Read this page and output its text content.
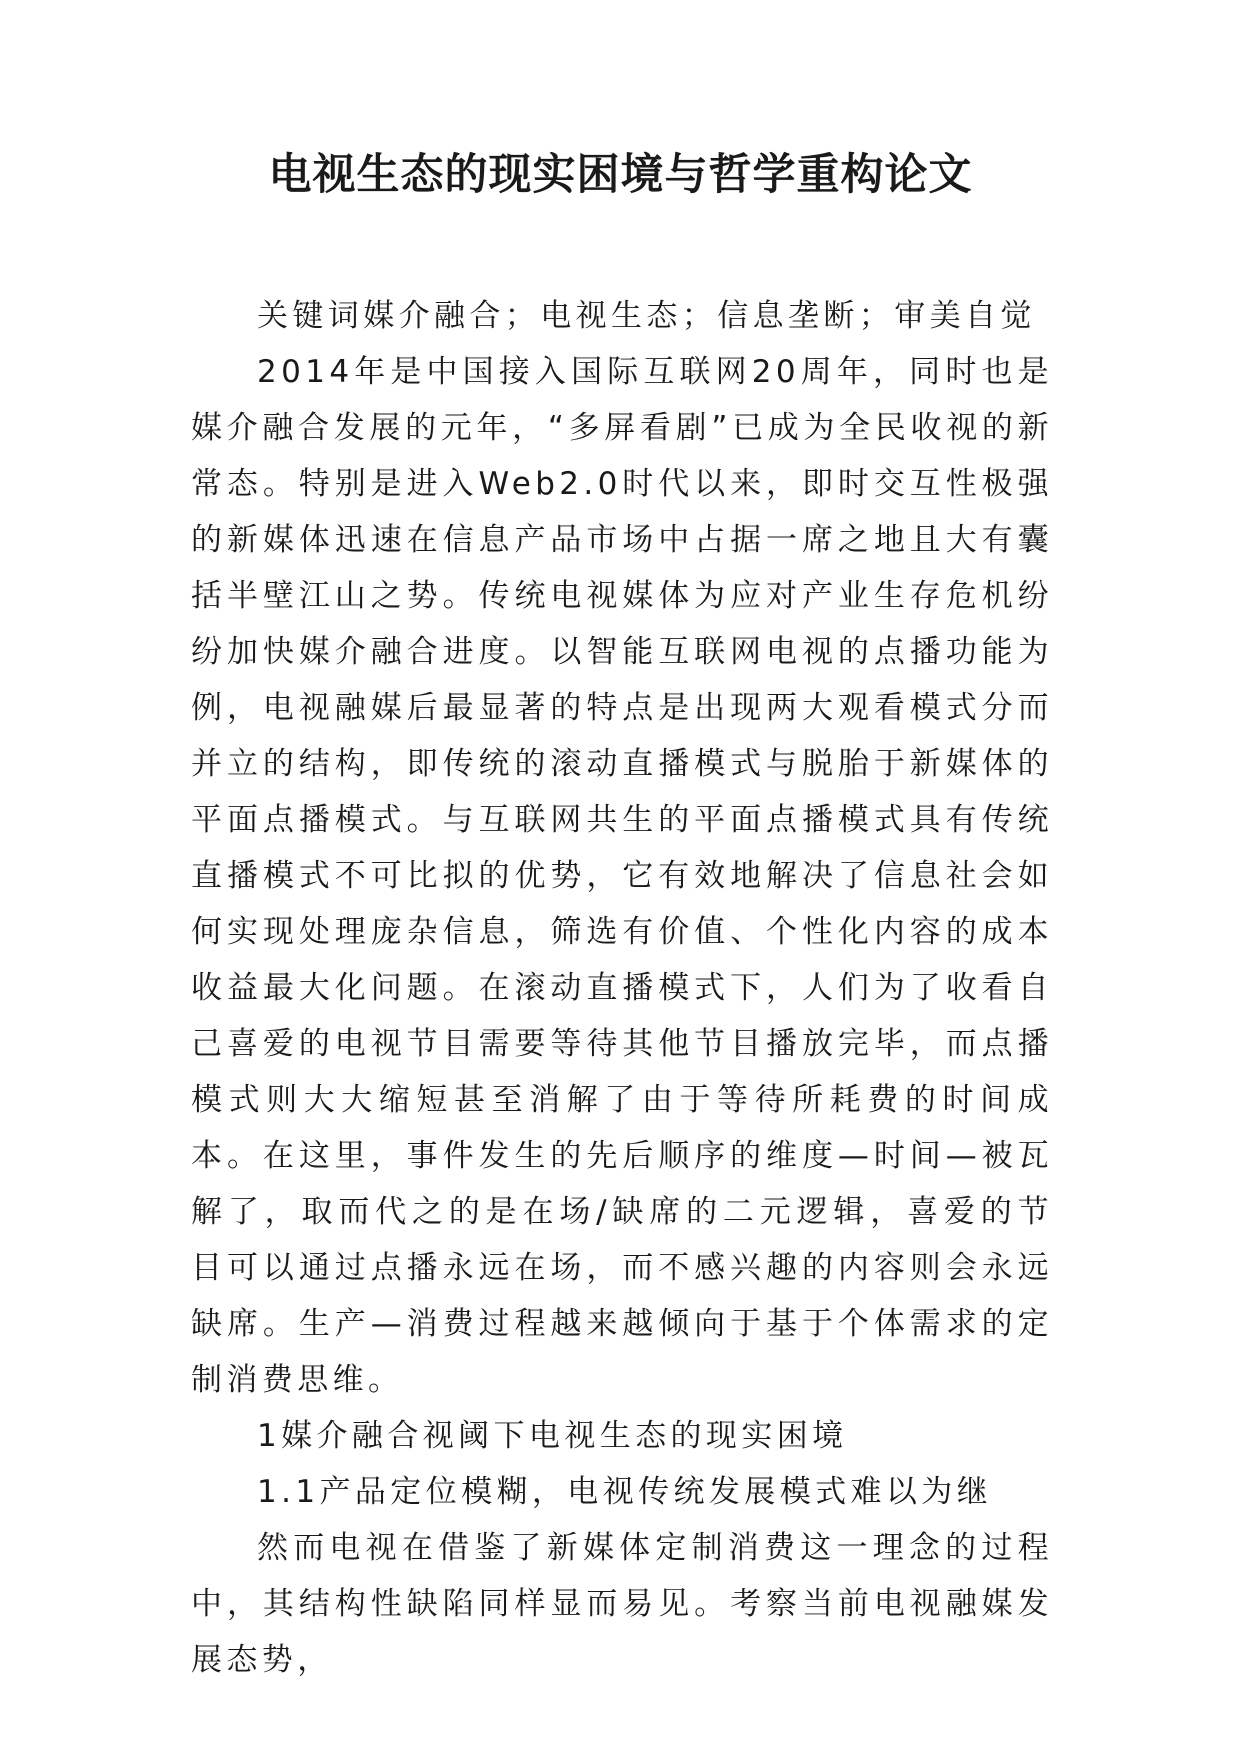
电视生态的现实困境与哲学重构论文

关键词媒介融合；电视生态；信息垄断；审美自觉

2014年是中国接入国际互联网20周年，同时也是媒介融合发展的元年，“多屏看剧”已成为全民收视的新常态。特别是进入Web2.0时代以来，即时交互性极强的新媒体迅速在信息产品市场中占据一席之地且大有囊括半壁江山之势。传统电视媒体为应对产业生存危机纷纷加快媒介融合进度。以智能互联网电视的点播功能为例，电视融媒后最显著的特点是出现两大观看模式分而并立的结构，即传统的滚动直播模式与脱胎于新媒体的平面点播模式。与互联网共生的平面点播模式具有传统直播模式不可比拟的优势，它有效地解决了信息社会如何实现处理庞杂信息，筛选有价值、个性化内容的成本收益最大化问题。在滚动直播模式下，人们为了收看自己喜爱的电视节目需要等待其他节目播放完毕，而点播模式则大大缩短甚至消解了由于等待所耗费的时间成本。在这里，事件发生的先后顺序的维度—时间—被瓦解了，取而代之的是在场/缺席的二元逻辑，喜爱的节目可以通过点播永远在场，而不感兴趣的内容则会永远缺席。生产—消费过程越来越倾向于基于个体需求的定制消费思维。

1媒介融合视阈下电视生态的现实困境

1.1产品定位模糊，电视传统发展模式难以为继

然而电视在借鉴了新媒体定制消费这一理念的过程中，其结构性缺陷同样显而易见。考察当前电视融媒发展态势，
